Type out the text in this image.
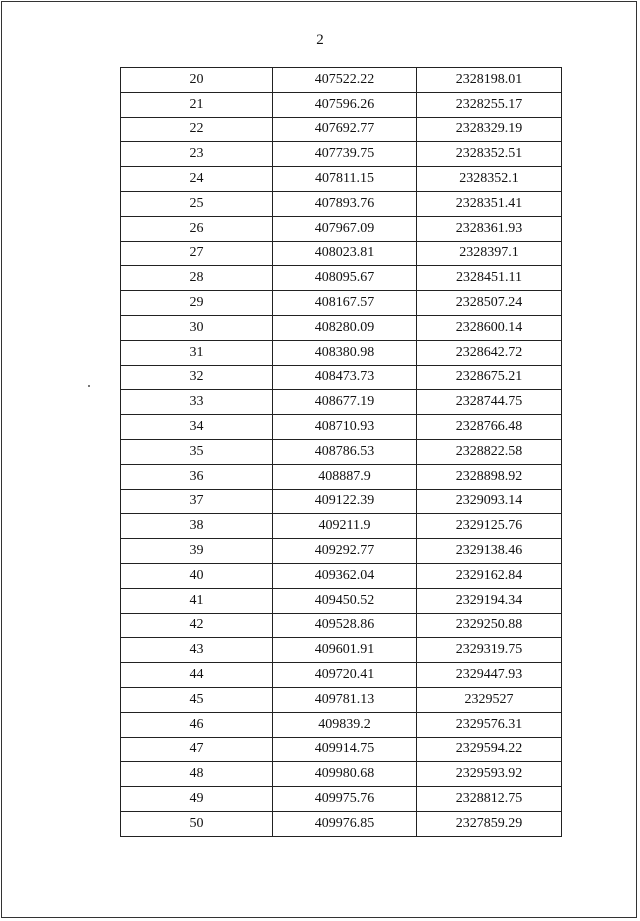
2
20	407522.22	2328198.01
21	407596.26	2328255.17
22	407692.77	2328329.19
23	407739.75	2328352.51
24	407811.15	2328352.1
25	407893.76	2328351.41
26	407967.09	2328361.93
27	408023.81	2328397.1
28	408095.67	2328451.11
29	408167.57	2328507.24
30	408280.09	2328600.14
31	408380.98	2328642.72
32	408473.73	2328675.21
33	408677.19	2328744.75
34	408710.93	2328766.48
35	408786.53	2328822.58
36	408887.9	2328898.92
37	409122.39	2329093.14
38	409211.9	2329125.76
39	409292.77	2329138.46
40	409362.04	2329162.84
41	409450.52	2329194.34
42	409528.86	2329250.88
43	409601.91	2329319.75
44	409720.41	2329447.93
45	409781.13	2329527
46	409839.2	2329576.31
47	409914.75	2329594.22
48	409980.68	2329593.92
49	409975.76	2328812.75
50	409976.85	2327859.29
